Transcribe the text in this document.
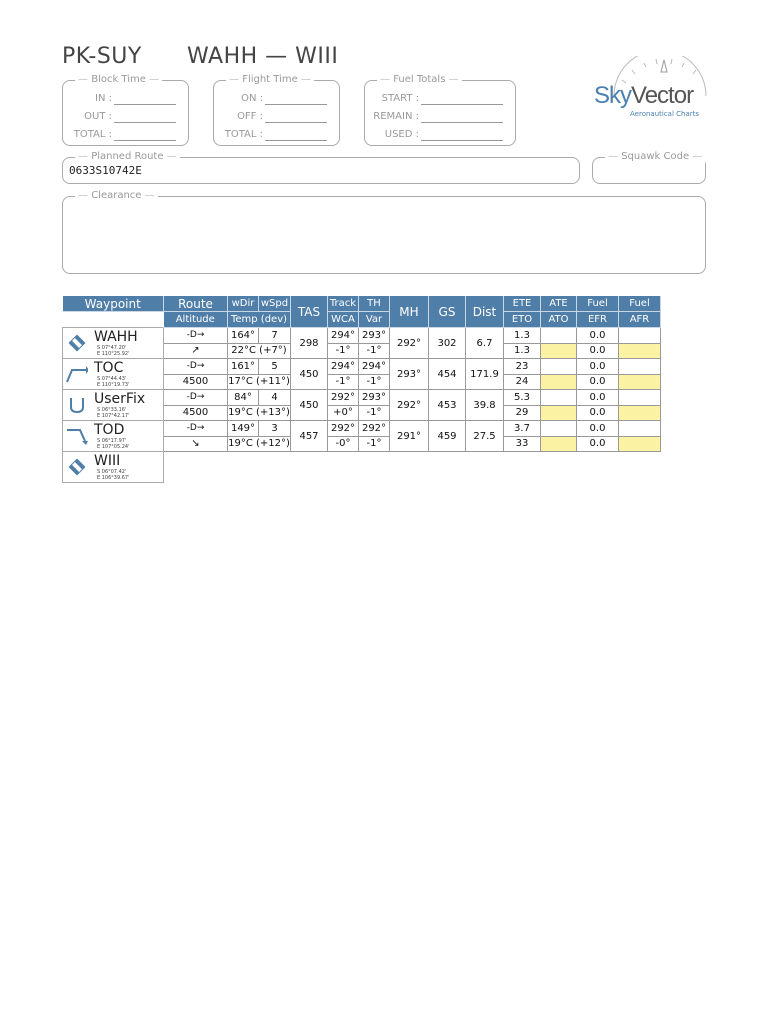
PK-SUY WAHH — WIII
— Block Time —
IN :
OUT :
TOTAL :
— Flight Time —
ON :
OFF :
TOTAL :
— Fuel Totals —
START :
REMAIN :
USED :
SkyVector
Aeronautical Charts
— Planned Route —
0633S10742E
— Squawk Code —
— Clearance —
Waypoint	Route	wDir	wSpd	TAS	Track	TH	MH	GS	Dist	ETE	ATE	Fuel	Fuel
	Altitude	Temp (dev)			WCA	Var				ETO	ATO	EFR	AFR

WAHH
S 07°47.20'
E 110°25.92'	-D→	164°	7	298	294°	293°	292°	302	6.7	1.3		0.0	
	↗	22°C (+7°)			-1°	-1°				1.3		0.0	

TOC
S 07°44.43'
E 110°19.73'	-D→	161°	5	450	294°	294°	293°	454	171.9	23		0.0	
	4500	17°C (+11°)			-1°	-1°				24		0.0	

UserFix
S 06°33.16'
E 107°42.17'	-D→	84°	4	450	292°	293°	292°	453	39.8	5.3		0.0	
	4500	19°C (+13°)			+0°	-1°				29		0.0	

TOD
S 06°17.97'
E 107°05.24'	-D→	149°	3	457	292°	292°	291°	459	27.5	3.7		0.0	
	↘	19°C (+12°)			-0°	-1°				33		0.0	

WIII
S 06°07.42'
E 106°39.67'													
